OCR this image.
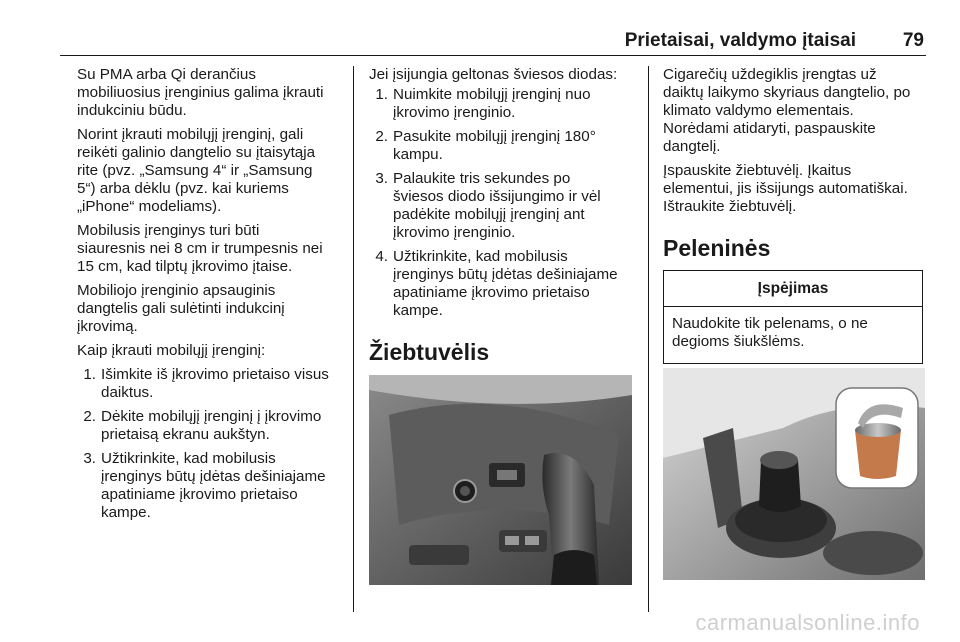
Prietaisai, valdymo įtaisai 79
Su PMA arba Qi derančius
mobiliuosius įrenginius galima įkrauti
indukciniu būdu.
Norint įkrauti mobilųjį įrenginį, gali
reikėti galinio dangtelio su įtaisytąja
rite (pvz. „Samsung 4“ ir „Samsung
5“) arba dėklu (pvz. kai kuriems
„iPhone“ modeliams).
Mobilusis įrenginys turi būti
siauresnis nei 8 cm ir trumpesnis nei
15 cm, kad tilptų įkrovimo įtaise.
Mobiliojo įrenginio apsauginis
dangtelis gali sulėtinti indukcinį
įkrovimą.
Kaip įkrauti mobilųjį įrenginį:
1. Išimkite iš įkrovimo prietaiso visus
daiktus.
2. Dėkite mobilųjį įrenginį į įkrovimo
prietaisą ekranu aukštyn.
3. Užtikrinkite, kad mobilusis
įrenginys būtų įdėtas dešiniajame
apatiniame įkrovimo prietaiso
kampe.
Jei įsijungia geltonas šviesos diodas:
1. Nuimkite mobilųjį įrenginį nuo
įkrovimo įrenginio.
2. Pasukite mobilųjį įrenginį 180°
kampu.
3. Palaukite tris sekundes po
šviesos diodo išsijungimo ir vėl
padėkite mobilųjį įrenginį ant
įkrovimo įrenginio.
4. Užtikrinkite, kad mobilusis
įrenginys būtų įdėtas dešiniajame
apatiniame įkrovimo prietaiso
kampe.
Žiebtuvėlis
Cigarečių uždegiklis įrengtas už
daiktų laikymo skyriaus dangtelio, po
klimato valdymo elementais.
Norėdami atidaryti, paspauskite
dangtelį.
Įspauskite žiebtuvėlį. Įkaitus
elementui, jis išsijungs automatiškai.
Ištraukite žiebtuvėlį.
Peleninės
Įspėjimas
Naudokite tik pelenams, o ne
degioms šiukšlėms.
carmanualsonline.info
